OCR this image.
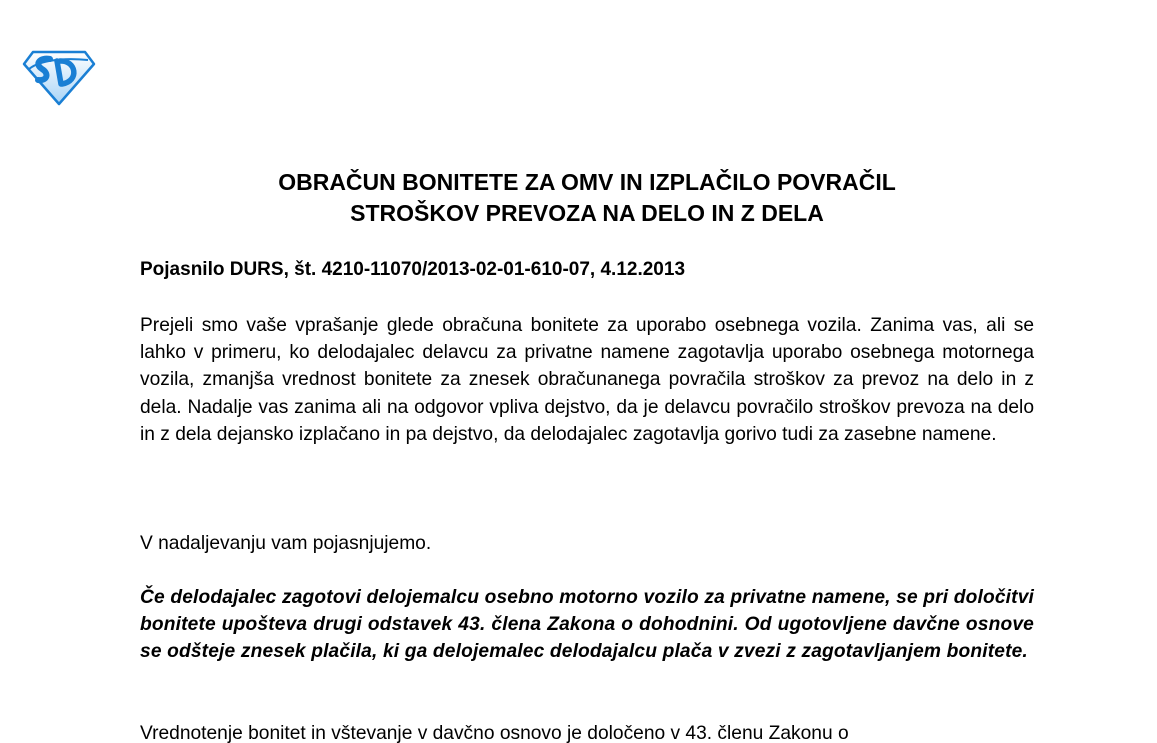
OBRAČUN BONITETE ZA OMV IN IZPLAČILO POVRAČIL
STROŠKOV PREVOZA NA DELO IN Z DELA

Pojasnilo DURS, št. 4210-11070/2013-02-01-610-07, 4.12.2013

Prejeli smo vaše vprašanje glede obračuna bonitete za uporabo osebnega vozila. Zanima vas, ali se lahko v primeru, ko delodajalec delavcu za privatne namene zagotavlja uporabo osebnega motornega vozila, zmanjša vrednost bonitete za znesek obračunanega povračila stroškov za prevoz na delo in z dela. Nadalje vas zanima ali na odgovor vpliva dejstvo, da je delavcu povračilo stroškov prevoza na delo in z dela dejansko izplačano in pa dejstvo, da delodajalec zagotavlja gorivo tudi za zasebne namene.

V nadaljevanju vam pojasnjujemo.

Če delodajalec zagotovi delojemalcu osebno motorno vozilo za privatne namene, se pri določitvi bonitete upošteva drugi odstavek 43. člena Zakona o dohodnini. Od ugotovljene davčne osnove se odšteje znesek plačila, ki ga delojemalec delodajalcu plača v zvezi z zagotavljanjem bonitete.

Vrednotenje bonitet in vštevanje v davčno osnovo je določeno v 43. členu Zakonu o
